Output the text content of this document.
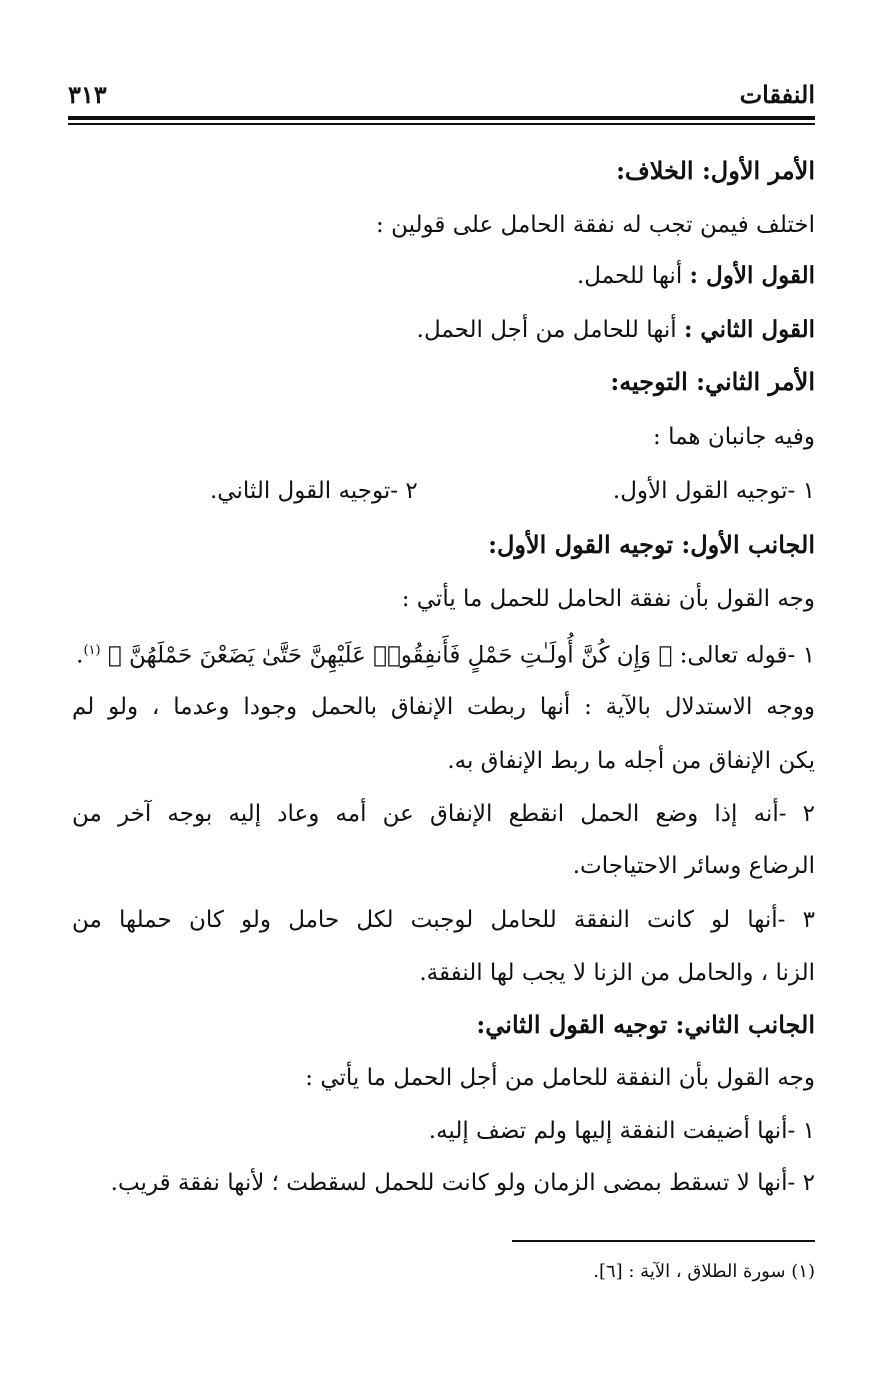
النفقات
٣١٣
الأمر الأول: الخلاف:
اختلف فيمن تجب له نفقة الحامل على قولين :
القول الأول : أنها للحمل.
القول الثاني : أنها للحامل من أجل الحمل.
الأمر الثاني: التوجيه:
وفيه جانبان هما :
١ -توجيه القول الأول.
٢ -توجيه القول الثاني.
الجانب الأول: توجيه القول الأول:
وجه القول بأن نفقة الحامل للحمل ما يأتي :
١ -قوله تعالى: ﴿ وَإِن كُنَّ أُولَـٰتِ حَمْلٍ فَأَنفِقُوا۟ عَلَيْهِنَّ حَتَّىٰ يَضَعْنَ حَمْلَهُنَّ ﴾ $^{(١)}$.
ووجه الاستدلال بالآية : أنها ربطت الإنفاق بالحمل وجودا وعدما ، ولو لم
يكن الإنفاق من أجله ما ربط الإنفاق به.
٢ -أنه إذا وضع الحمل انقطع الإنفاق عن أمه وعاد إليه بوجه آخر من
الرضاع وسائر الاحتياجات.
٣ -أنها لو كانت النفقة للحامل لوجبت لكل حامل ولو كان حملها من
الزنا ، والحامل من الزنا لا يجب لها النفقة.
الجانب الثاني: توجيه القول الثاني:
وجه القول بأن النفقة للحامل من أجل الحمل ما يأتي :
١ -أنها أضيفت النفقة إليها ولم تضف إليه.
٢ -أنها لا تسقط بمضى الزمان ولو كانت للحمل لسقطت ؛ لأنها نفقة قريب.
(١) سورة الطلاق ، الآية : [٦].
